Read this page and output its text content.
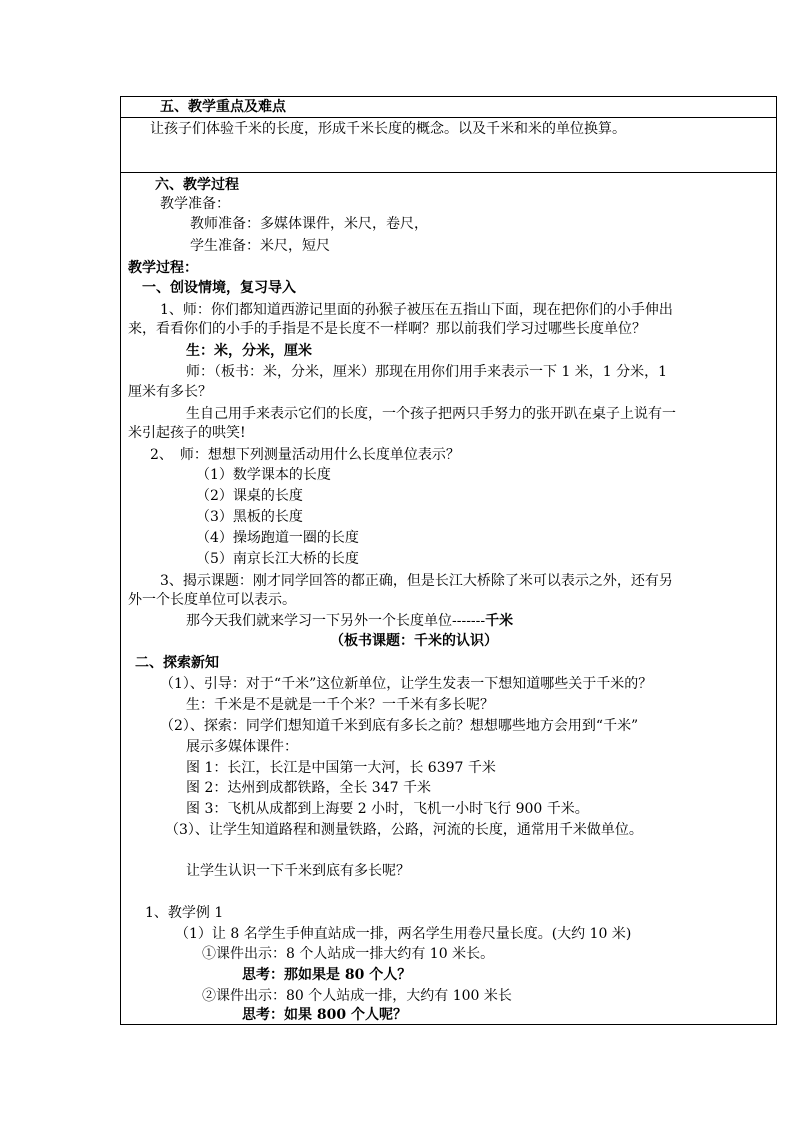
五、教学重点及难点
让孩子们体验千米的长度，形成千米长度的概念。以及千米和米的单位换算。
六、教学过程
教学准备：
教师准备：多媒体课件，米尺，卷尺，
学生准备：米尺，短尺
教学过程：
一、创设情境，复习导入
1、师：你们都知道西游记里面的孙猴子被压在五指山下面，现在把你们的小手伸出
来，看看你们的小手的手指是不是长度不一样啊？那以前我们学习过哪些长度单位？
生：米，分米，厘米
师：（板书：米，分米，厘米）那现在用你们用手来表示一下 1 米，1 分米，1
厘米有多长？
生自己用手来表示它们的长度，一个孩子把两只手努力的张开趴在桌子上说有一
米引起孩子的哄笑!
2、　师：想想下列测量活动用什么长度单位表示？
（1）数学课本的长度
（2）课桌的长度
（3）黑板的长度
（4）操场跑道一圈的长度
（5）南京长江大桥的长度
3、揭示课题：刚才同学回答的都正确，但是长江大桥除了米可以表示之外，还有另
外一个长度单位可以表示。
那今天我们就来学习一下另外一个长度单位-------千米
（板书课题：千米的认识）
二、探索新知
（1）、引导：对于“千米”这位新单位，让学生发表一下想知道哪些关于千米的？
生：千米是不是就是一千个米？一千米有多长呢？
（2）、探索：同学们想知道千米到底有多长之前？想想哪些地方会用到“千米”
展示多媒体课件：
图 1：长江，长江是中国第一大河，长 6397 千米
图 2：达州到成都铁路，全长 347 千米
图 3：飞机从成都到上海要 2 小时，飞机一小时飞行 900 千米。
（3）、让学生知道路程和测量铁路，公路，河流的长度，通常用千米做单位。
让学生认识一下千米到底有多长呢？
1、教学例 1
（1）让 8 名学生手伸直站成一排，两名学生用卷尺量长度。(大约 10 米)
①课件出示：8 个人站成一排大约有 10 米长。
思考：那如果是 80 个人？
②课件出示：80 个人站成一排，大约有 100 米长
思考：如果 800 个人呢？
